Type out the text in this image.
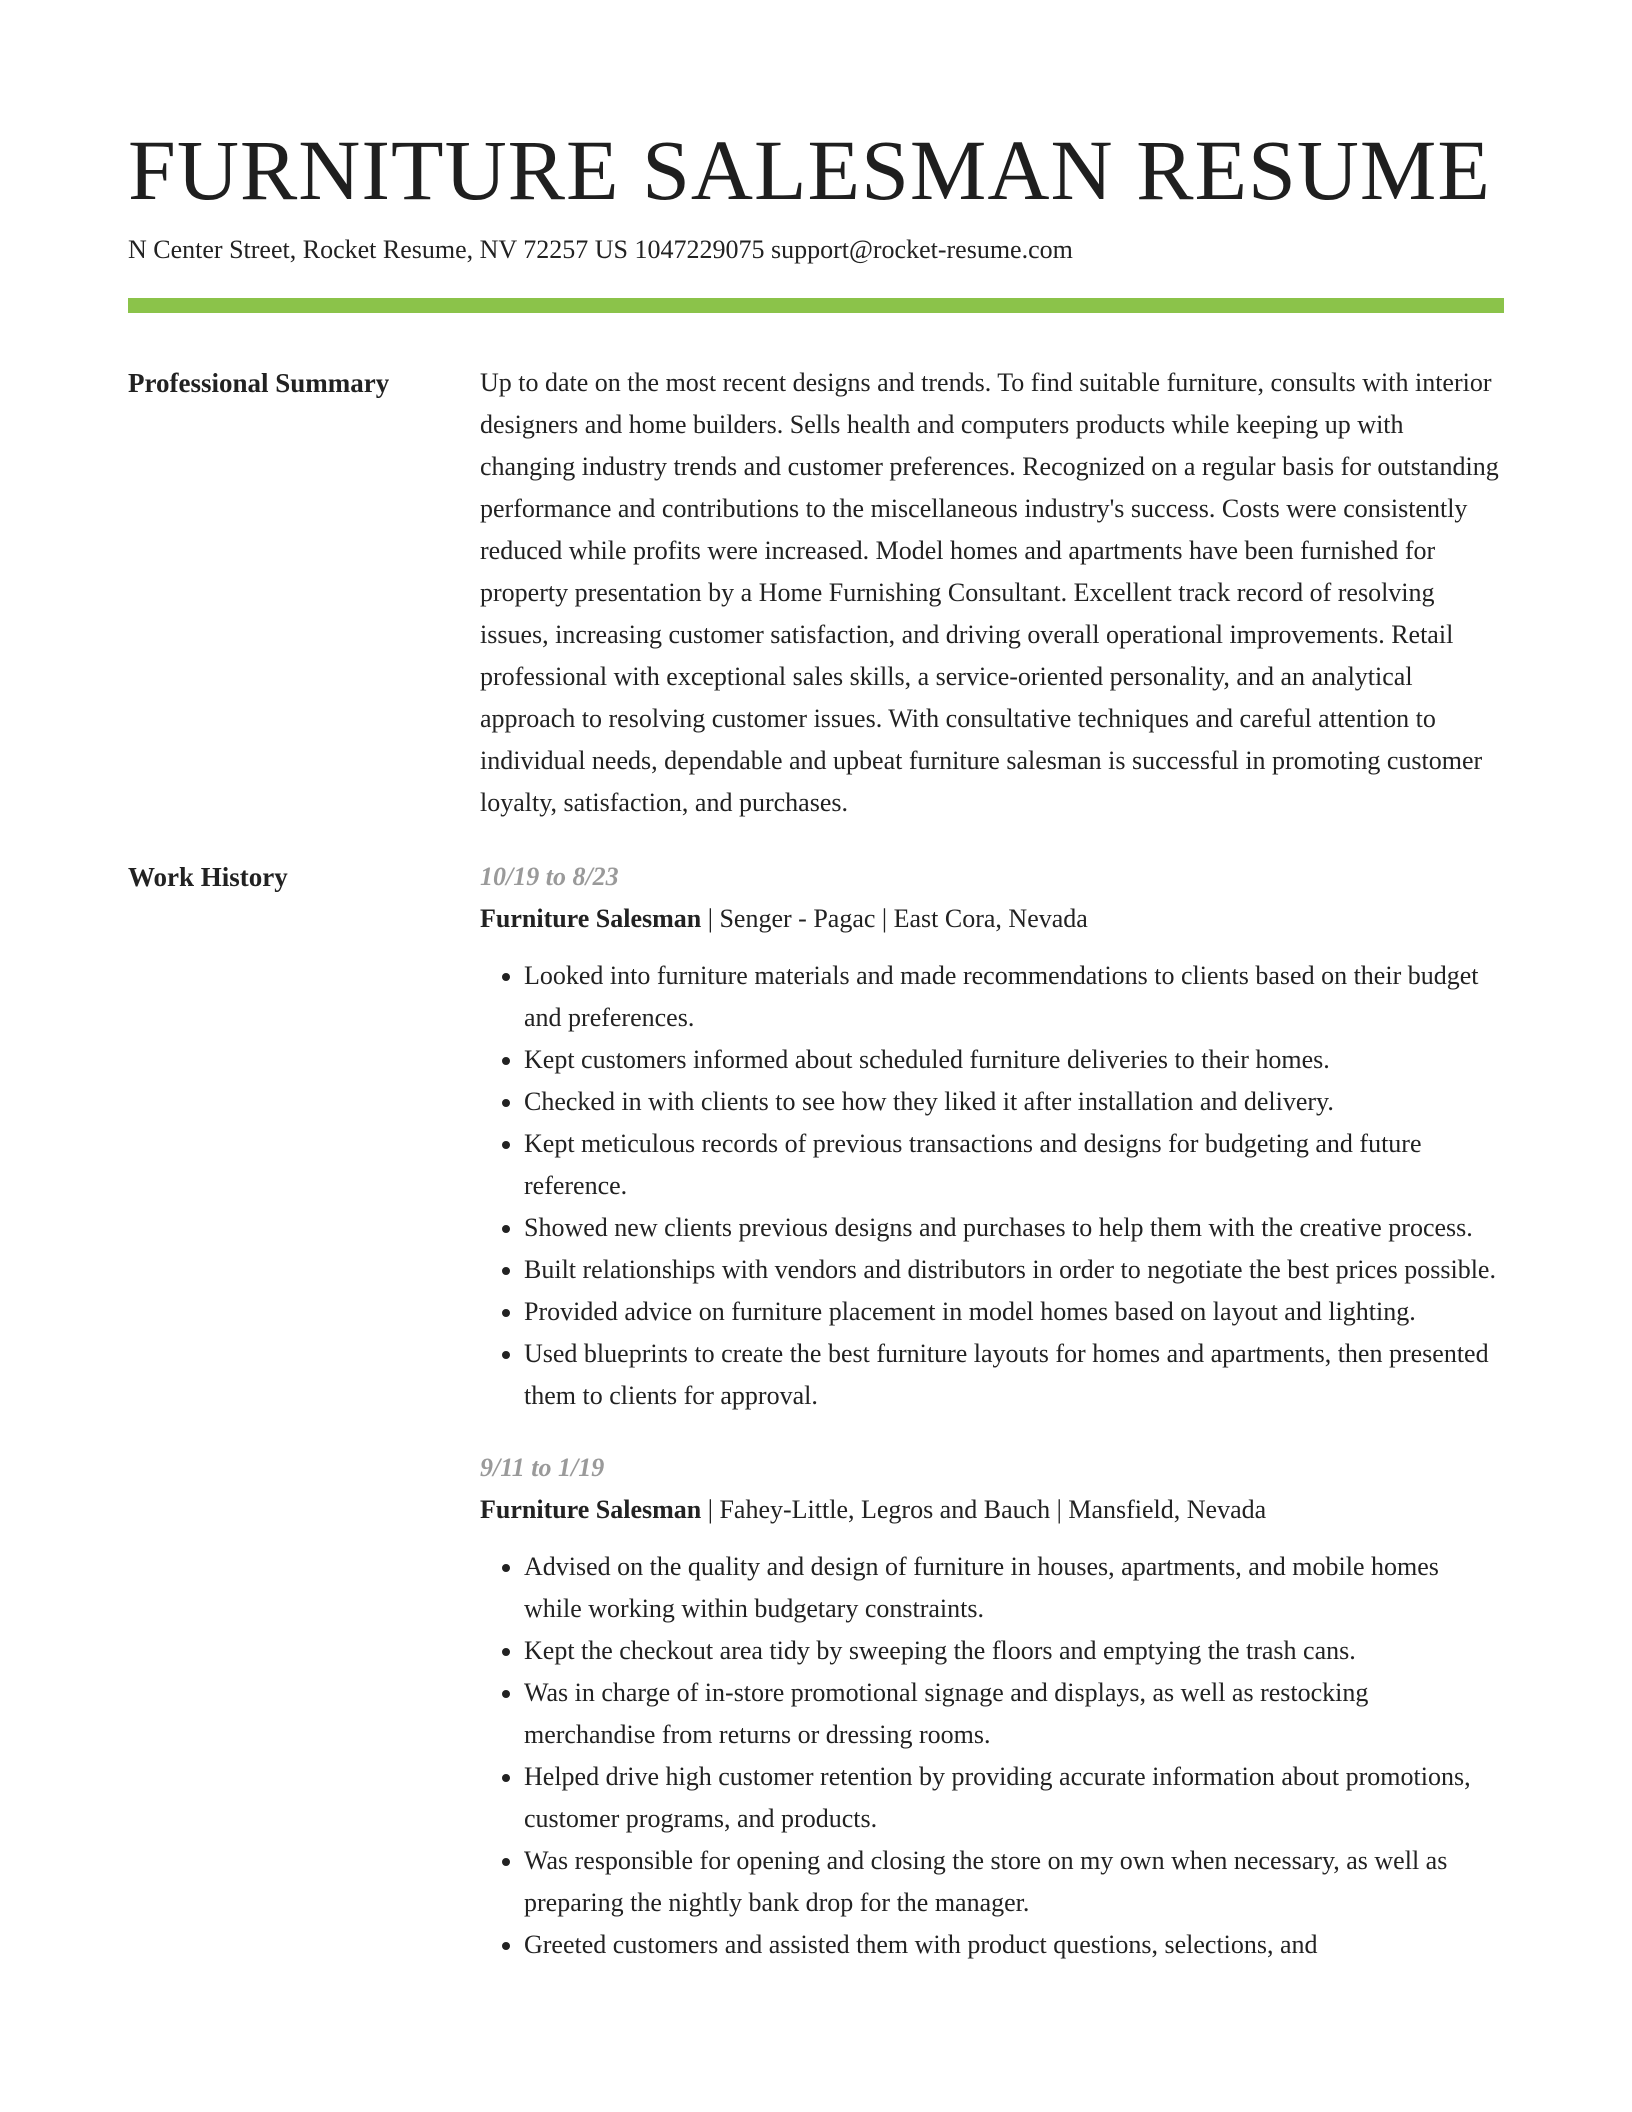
FURNITURE SALESMAN RESUME
N Center Street, Rocket Resume, NV 72257 US 1047229075 support@rocket-resume.com
Professional Summary	Up to date on the most recent designs and trends. To find suitable furniture, consults with interior designers and home builders. Sells health and computers products while keeping up with changing industry trends and customer preferences. Recognized on a regular basis for outstanding performance and contributions to the miscellaneous industry's success. Costs were consistently reduced while profits were increased. Model homes and apartments have been furnished for property presentation by a Home Furnishing Consultant. Excellent track record of resolving issues, increasing customer satisfaction, and driving overall operational improvements. Retail professional with exceptional sales skills, a service-oriented personality, and an analytical approach to resolving customer issues. With consultative techniques and careful attention to individual needs, dependable and upbeat furniture salesman is successful in promoting customer loyalty, satisfaction, and purchases.

Work History	10/19 to 8/23
Furniture Salesman | Senger - Pagac | East Cora, Nevada
• Looked into furniture materials and made recommendations to clients based on their budget and preferences.
• Kept customers informed about scheduled furniture deliveries to their homes.
• Checked in with clients to see how they liked it after installation and delivery.
• Kept meticulous records of previous transactions and designs for budgeting and future reference.
• Showed new clients previous designs and purchases to help them with the creative process.
• Built relationships with vendors and distributors in order to negotiate the best prices possible.
• Provided advice on furniture placement in model homes based on layout and lighting.
• Used blueprints to create the best furniture layouts for homes and apartments, then presented them to clients for approval.
9/11 to 1/19
Furniture Salesman | Fahey-Little, Legros and Bauch | Mansfield, Nevada
• Advised on the quality and design of furniture in houses, apartments, and mobile homes while working within budgetary constraints.
• Kept the checkout area tidy by sweeping the floors and emptying the trash cans.
• Was in charge of in-store promotional signage and displays, as well as restocking merchandise from returns or dressing rooms.
• Helped drive high customer retention by providing accurate information about promotions, customer programs, and products.
• Was responsible for opening and closing the store on my own when necessary, as well as preparing the nightly bank drop for the manager.
• Greeted customers and assisted them with product questions, selections, and
